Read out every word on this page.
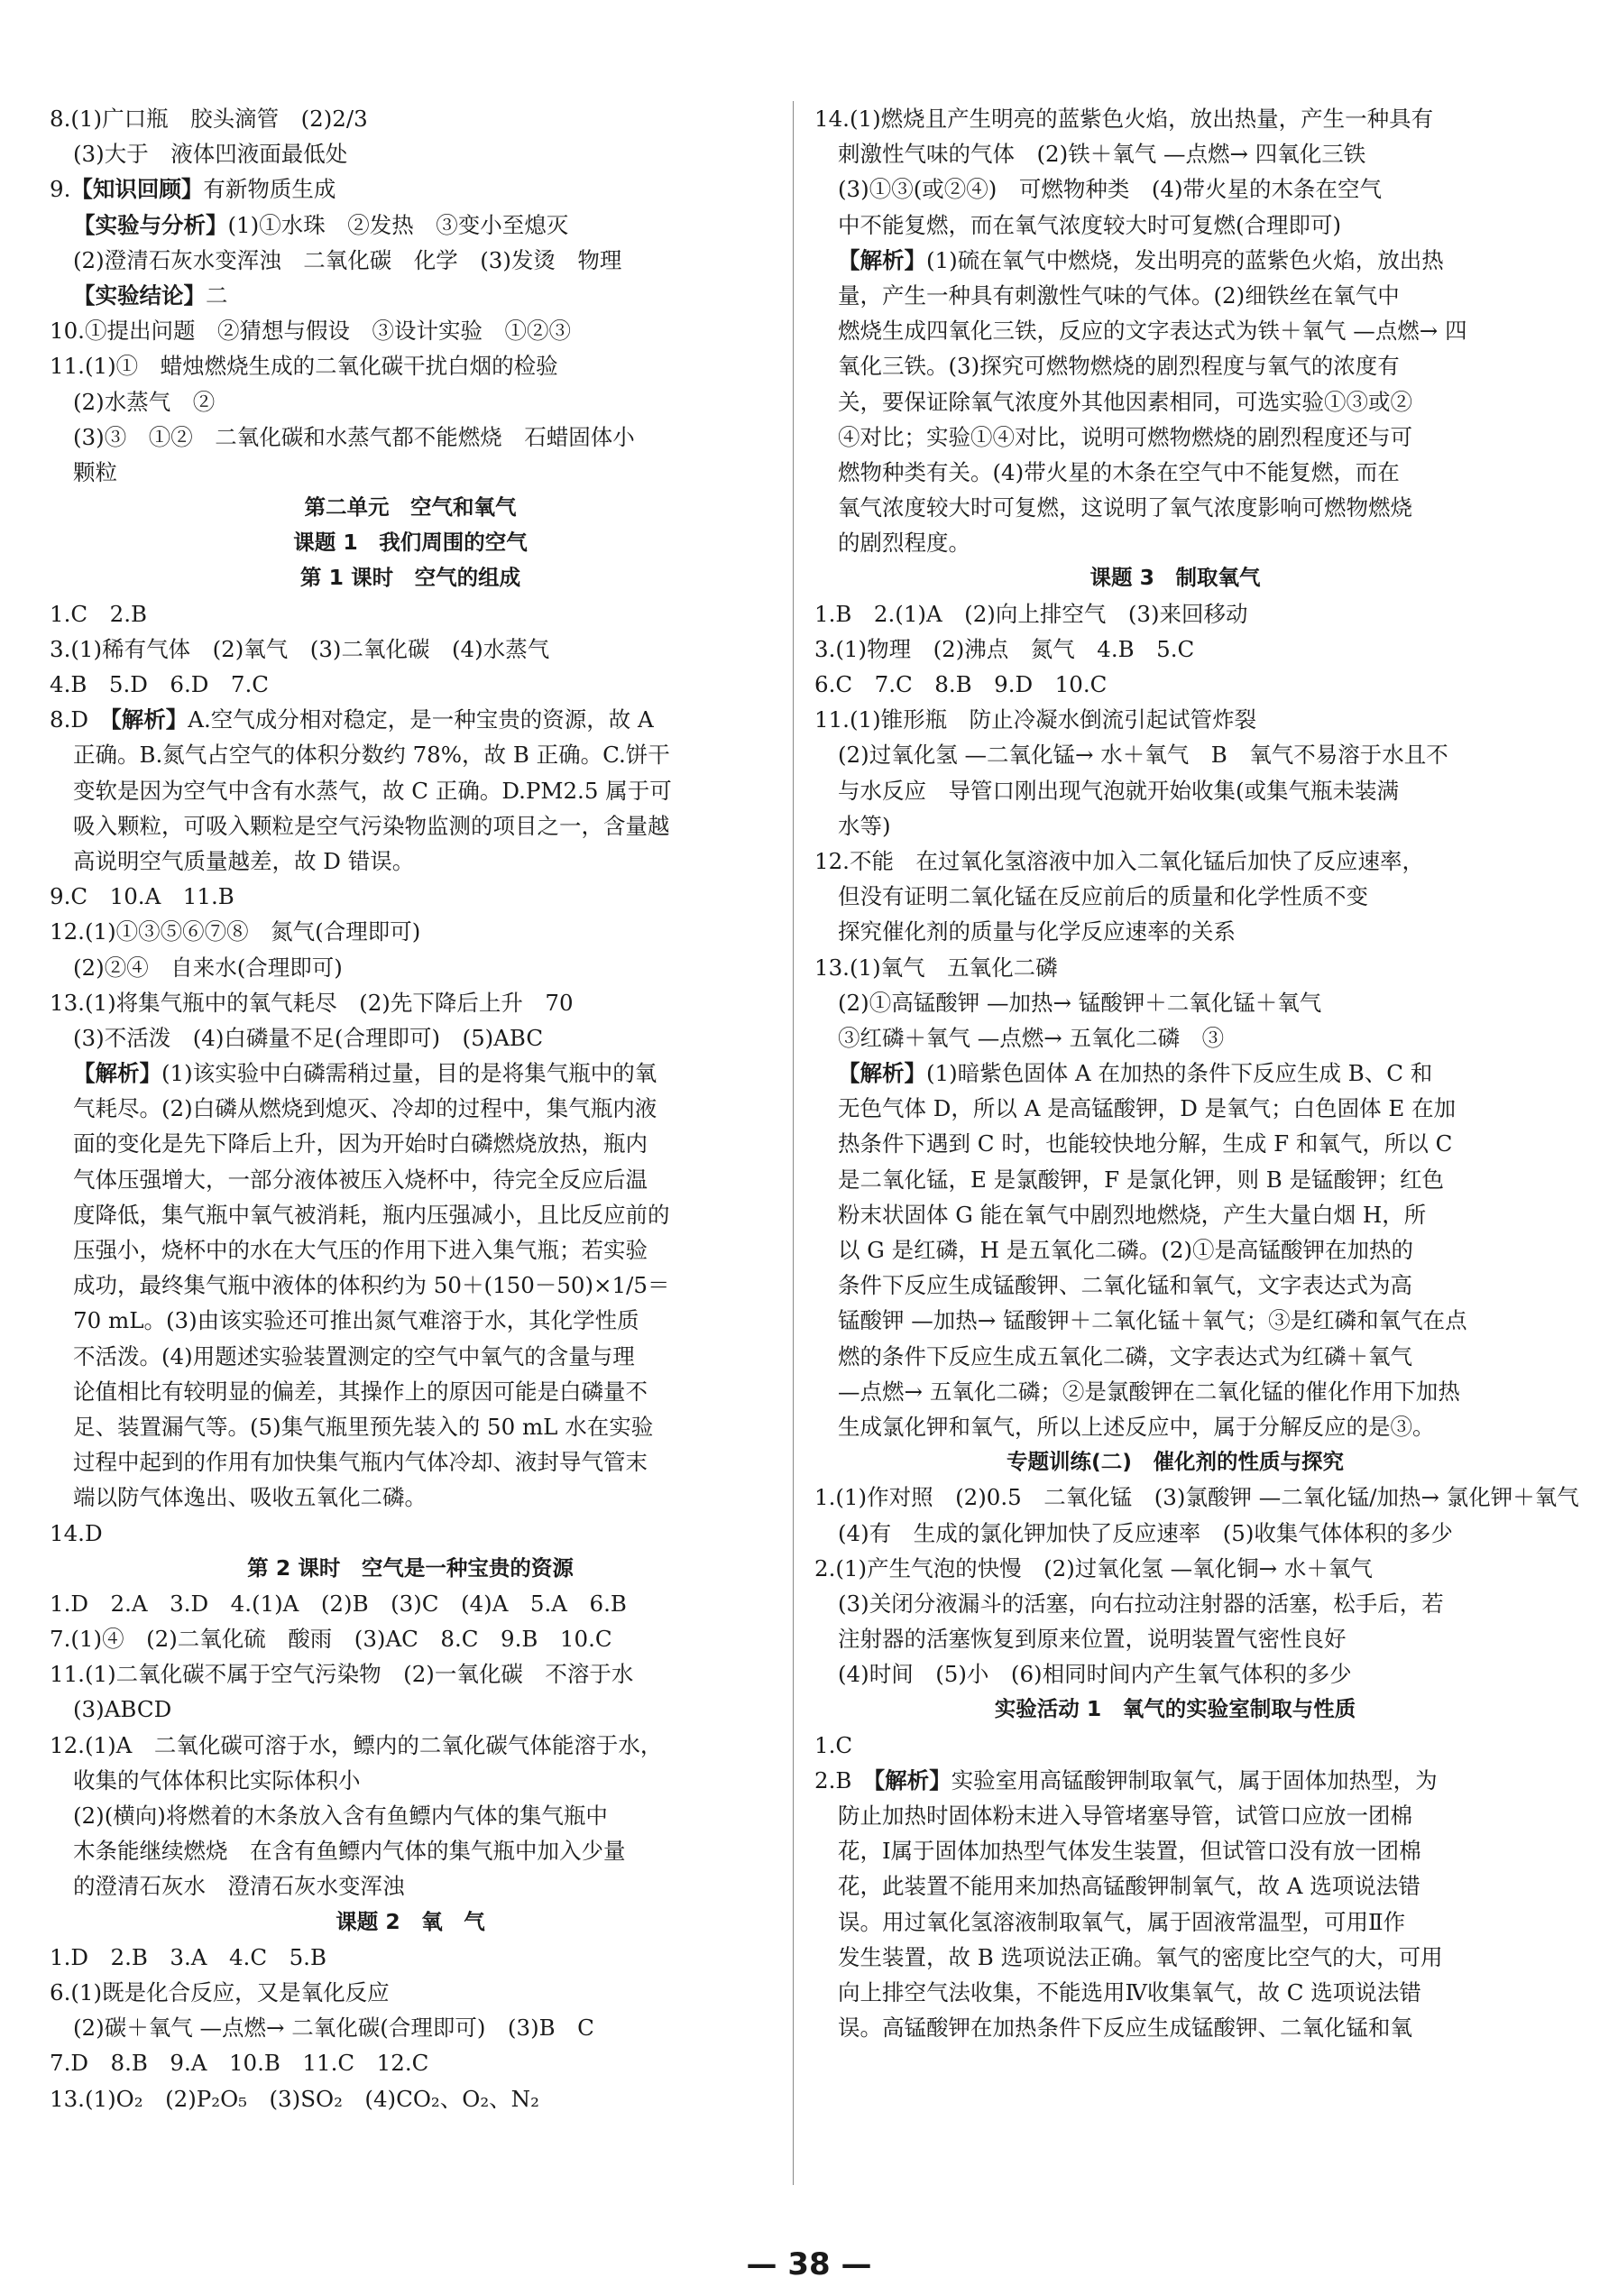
8.(1)广口瓶　胶头滴管　(2)2/3
(3)大于　液体凹液面最低处
9.【知识回顾】有新物质生成
【实验与分析】(1)①水珠　②发热　③变小至熄灭
(2)澄清石灰水变浑浊　二氧化碳　化学　(3)发烫　物理
【实验结论】二
10.①提出问题　②猜想与假设　③设计实验　①②③
11.(1)①　蜡烛燃烧生成的二氧化碳干扰白烟的检验
(2)水蒸气　②
(3)③　①②　二氧化碳和水蒸气都不能燃烧　石蜡固体小
颗粒
第二单元　空气和氧气
课题 1　我们周围的空气
第 1 课时　空气的组成
1.C　2.B
3.(1)稀有气体　(2)氧气　(3)二氧化碳　(4)水蒸气
4.B　5.D　6.D　7.C
8.D　【解析】A.空气成分相对稳定，是一种宝贵的资源，故 A
正确。B.氮气占空气的体积分数约 78%，故 B 正确。C.饼干
变软是因为空气中含有水蒸气，故 C 正确。D.PM2.5 属于可
吸入颗粒，可吸入颗粒是空气污染物监测的项目之一，含量越
高说明空气质量越差，故 D 错误。
9.C　10.A　11.B
12.(1)①③⑤⑥⑦⑧　氮气(合理即可)
(2)②④　自来水(合理即可)
13.(1)将集气瓶中的氧气耗尽　(2)先下降后上升　70
(3)不活泼　(4)白磷量不足(合理即可)　(5)ABC
【解析】(1)该实验中白磷需稍过量，目的是将集气瓶中的氧
气耗尽。(2)白磷从燃烧到熄灭、冷却的过程中，集气瓶内液
面的变化是先下降后上升，因为开始时白磷燃烧放热，瓶内
气体压强增大，一部分液体被压入烧杯中，待完全反应后温
度降低，集气瓶中氧气被消耗，瓶内压强减小，且比反应前的
压强小，烧杯中的水在大气压的作用下进入集气瓶；若实验
成功，最终集气瓶中液体的体积约为 50＋(150－50)×1/5＝
70 mL。(3)由该实验还可推出氮气难溶于水，其化学性质
不活泼。(4)用题述实验装置测定的空气中氧气的含量与理
论值相比有较明显的偏差，其操作上的原因可能是白磷量不
足、装置漏气等。(5)集气瓶里预先装入的 50 mL 水在实验
过程中起到的作用有加快集气瓶内气体冷却、液封导气管末
端以防气体逸出、吸收五氧化二磷。
14.D
第 2 课时　空气是一种宝贵的资源
1.D　2.A　3.D　4.(1)A　(2)B　(3)C　(4)A　5.A　6.B
7.(1)④　(2)二氧化硫　酸雨　(3)AC　8.C　9.B　10.C
11.(1)二氧化碳不属于空气污染物　(2)一氧化碳　不溶于水
(3)ABCD
12.(1)A　二氧化碳可溶于水，鳔内的二氧化碳气体能溶于水，
收集的气体体积比实际体积小
(2)(横向)将燃着的木条放入含有鱼鳔内气体的集气瓶中
木条能继续燃烧　在含有鱼鳔内气体的集气瓶中加入少量
的澄清石灰水　澄清石灰水变浑浊
课题 2　氧　气
1.D　2.B　3.A　4.C　5.B
6.(1)既是化合反应，又是氧化反应
(2)碳＋氧气 —点燃→ 二氧化碳(合理即可)　(3)B　C
7.D　8.B　9.A　10.B　11.C　12.C
13.(1)O₂　(2)P₂O₅　(3)SO₂　(4)CO₂、O₂、N₂
14.(1)燃烧且产生明亮的蓝紫色火焰，放出热量，产生一种具有
刺激性气味的气体　(2)铁＋氧气 —点燃→ 四氧化三铁
(3)①③(或②④)　可燃物种类　(4)带火星的木条在空气
中不能复燃，而在氧气浓度较大时可复燃(合理即可)
【解析】(1)硫在氧气中燃烧，发出明亮的蓝紫色火焰，放出热
量，产生一种具有刺激性气味的气体。(2)细铁丝在氧气中
燃烧生成四氧化三铁，反应的文字表达式为铁＋氧气 —点燃→ 四
氧化三铁。(3)探究可燃物燃烧的剧烈程度与氧气的浓度有
关，要保证除氧气浓度外其他因素相同，可选实验①③或②
④对比；实验①④对比，说明可燃物燃烧的剧烈程度还与可
燃物种类有关。(4)带火星的木条在空气中不能复燃，而在
氧气浓度较大时可复燃，这说明了氧气浓度影响可燃物燃烧
的剧烈程度。
课题 3　制取氧气
1.B　2.(1)A　(2)向上排空气　(3)来回移动
3.(1)物理　(2)沸点　氮气　4.B　5.C
6.C　7.C　8.B　9.D　10.C
11.(1)锥形瓶　防止冷凝水倒流引起试管炸裂
(2)过氧化氢 —二氧化锰→ 水＋氧气　B　氧气不易溶于水且不
与水反应　导管口刚出现气泡就开始收集(或集气瓶未装满
水等)
12.不能　在过氧化氢溶液中加入二氧化锰后加快了反应速率，
但没有证明二氧化锰在反应前后的质量和化学性质不变
探究催化剂的质量与化学反应速率的关系
13.(1)氧气　五氧化二磷
(2)①高锰酸钾 —加热→ 锰酸钾＋二氧化锰＋氧气
③红磷＋氧气 —点燃→ 五氧化二磷　③
【解析】(1)暗紫色固体 A 在加热的条件下反应生成 B、C 和
无色气体 D，所以 A 是高锰酸钾，D 是氧气；白色固体 E 在加
热条件下遇到 C 时，也能较快地分解，生成 F 和氧气，所以 C
是二氧化锰，E 是氯酸钾，F 是氯化钾，则 B 是锰酸钾；红色
粉末状固体 G 能在氧气中剧烈地燃烧，产生大量白烟 H，所
以 G 是红磷，H 是五氧化二磷。(2)①是高锰酸钾在加热的
条件下反应生成锰酸钾、二氧化锰和氧气，文字表达式为高
锰酸钾 —加热→ 锰酸钾＋二氧化锰＋氧气；③是红磷和氧气在点
燃的条件下反应生成五氧化二磷，文字表达式为红磷＋氧气
—点燃→ 五氧化二磷；②是氯酸钾在二氧化锰的催化作用下加热
生成氯化钾和氧气，所以上述反应中，属于分解反应的是③。
专题训练(二)　催化剂的性质与探究
1.(1)作对照　(2)0.5　二氧化锰　(3)氯酸钾 —二氧化锰/加热→ 氯化钾＋氧气
(4)有　生成的氯化钾加快了反应速率　(5)收集气体体积的多少
2.(1)产生气泡的快慢　(2)过氧化氢 —氧化铜→ 水＋氧气
(3)关闭分液漏斗的活塞，向右拉动注射器的活塞，松手后，若
注射器的活塞恢复到原来位置，说明装置气密性良好
(4)时间　(5)小　(6)相同时间内产生氧气体积的多少
实验活动 1　氧气的实验室制取与性质
1.C
2.B　【解析】实验室用高锰酸钾制取氧气，属于固体加热型，为
防止加热时固体粉末进入导管堵塞导管，试管口应放一团棉
花，Ⅰ属于固体加热型气体发生装置，但试管口没有放一团棉
花，此装置不能用来加热高锰酸钾制氧气，故 A 选项说法错
误。用过氧化氢溶液制取氧气，属于固液常温型，可用Ⅱ作
发生装置，故 B 选项说法正确。氧气的密度比空气的大，可用
向上排空气法收集，不能选用Ⅳ收集氧气，故 C 选项说法错
误。高锰酸钾在加热条件下反应生成锰酸钾、二氧化锰和氧
— 38 —
